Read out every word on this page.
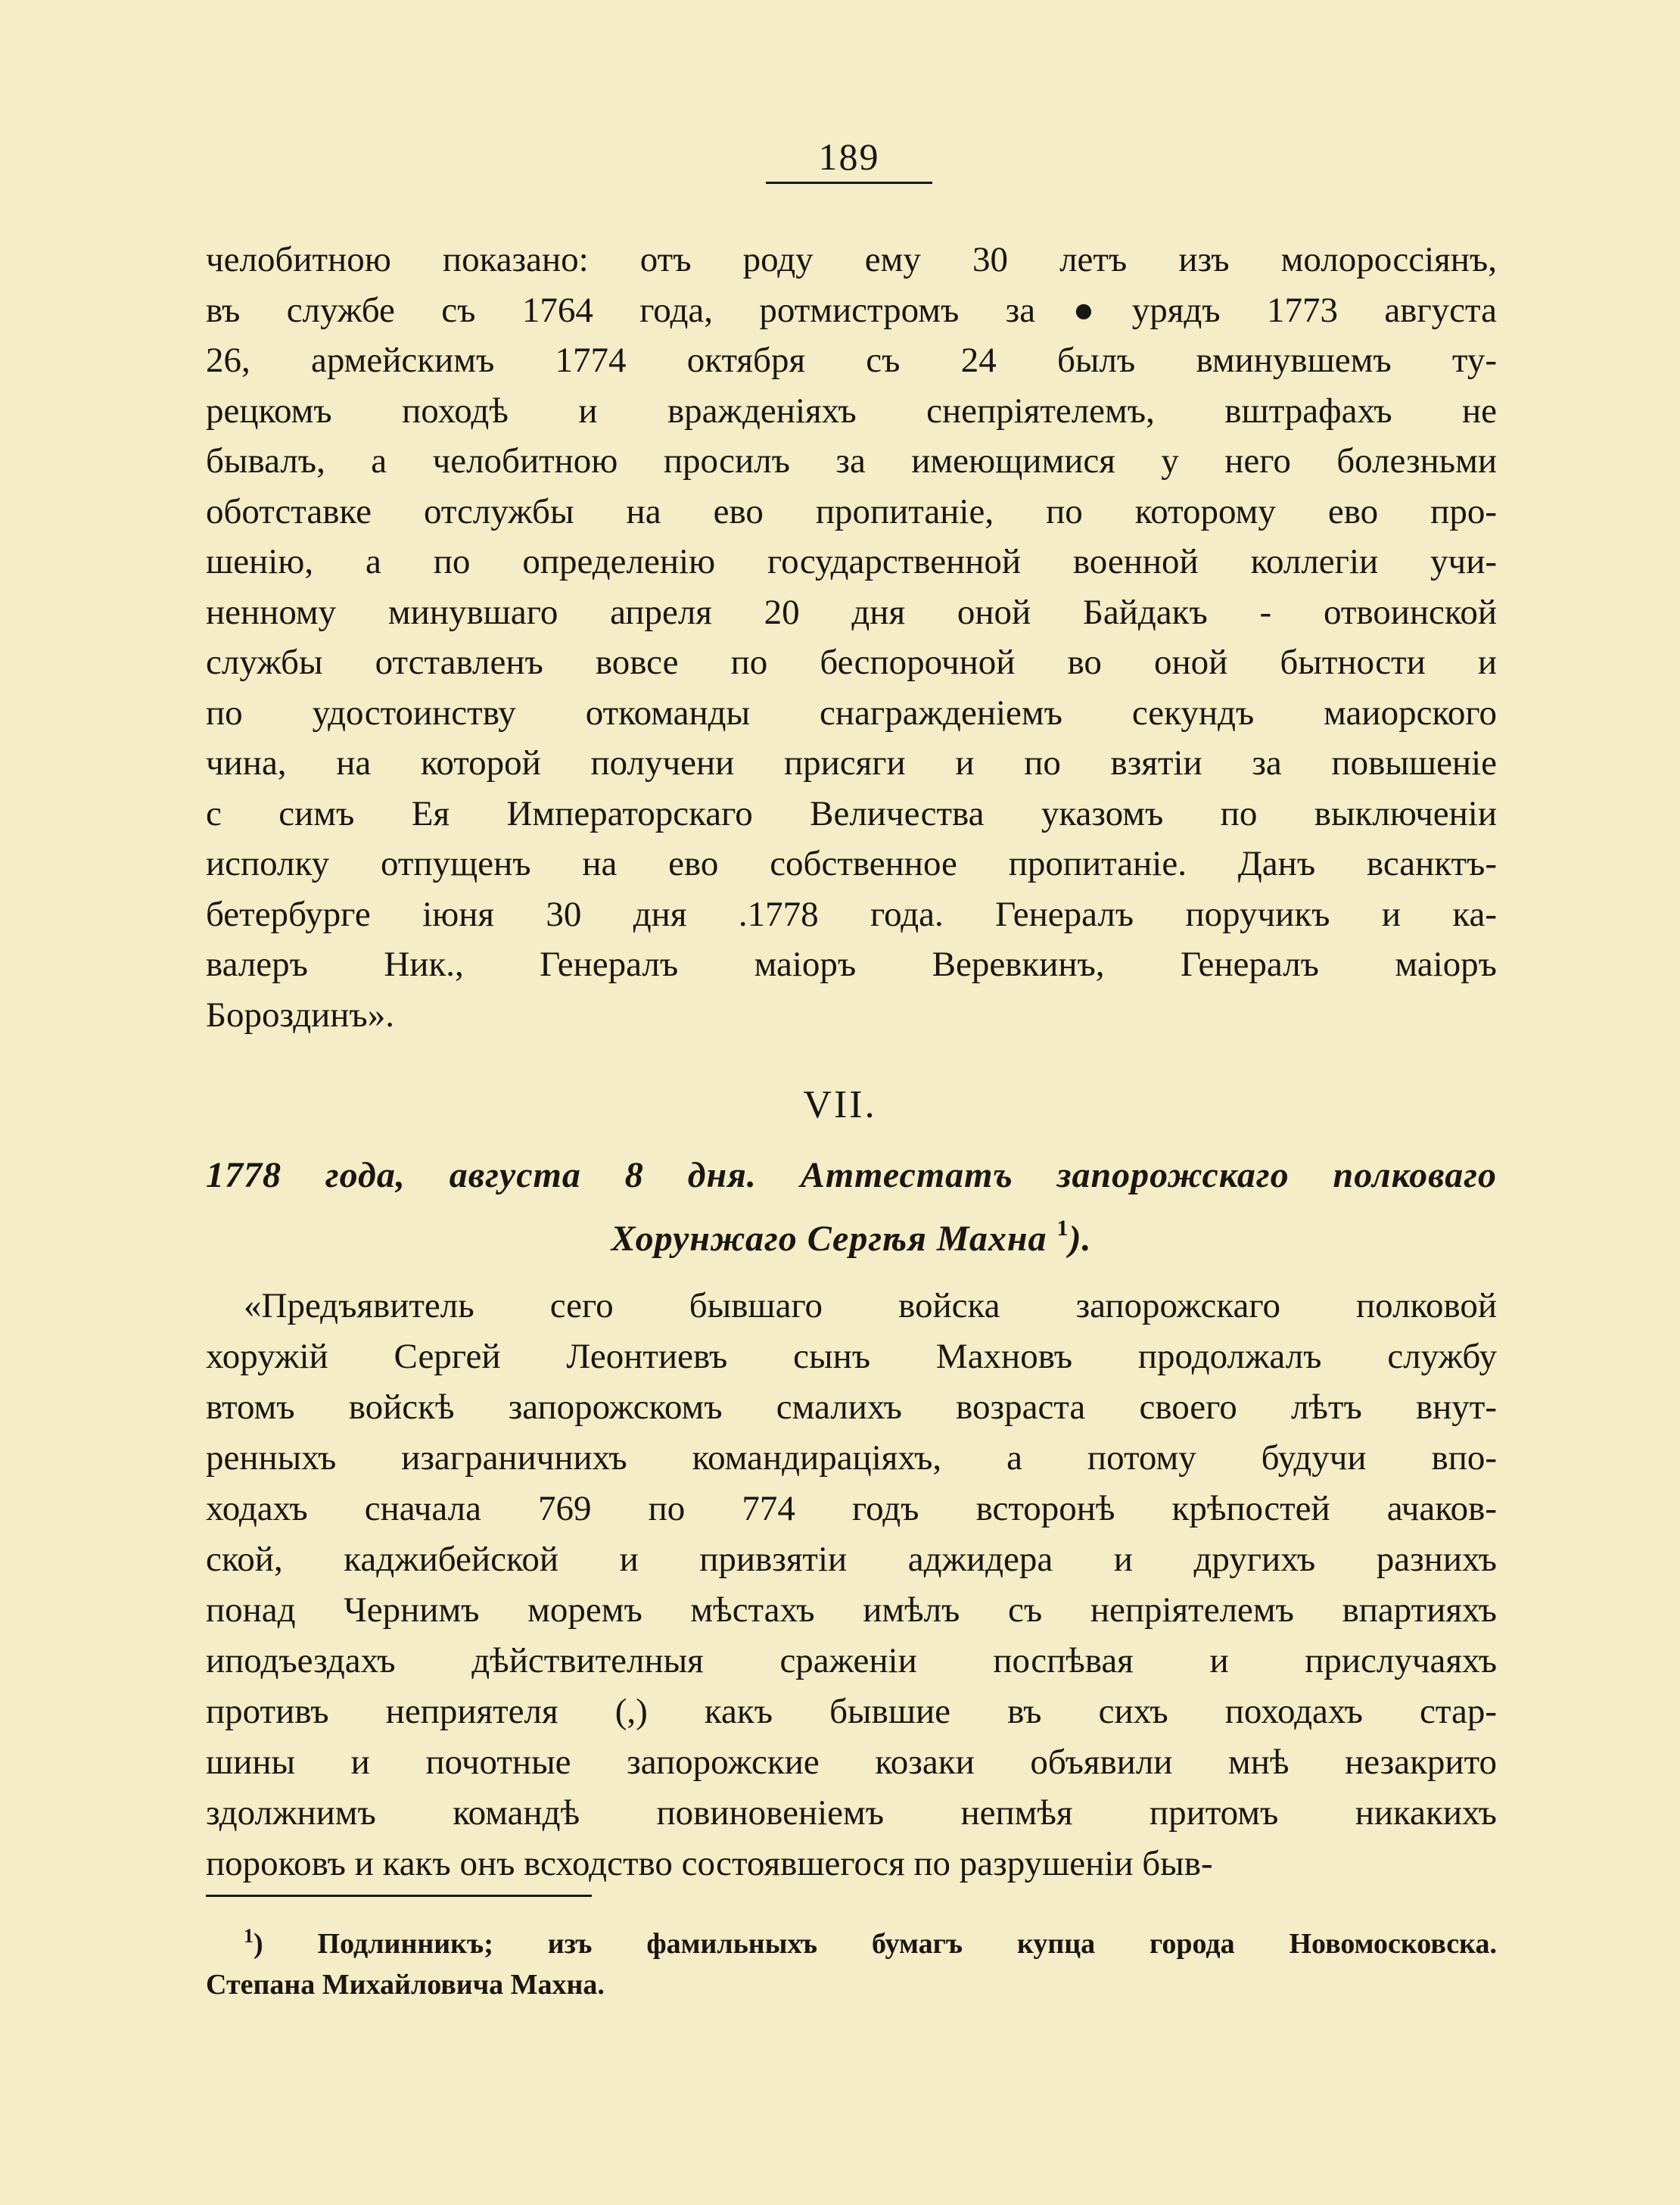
189
челобитною показано: отъ роду ему 30 летъ изъ молороссіянъ,
въ службе съ 1764 года, ротмистромъ за●урядъ 1773 августа
26, армейскимъ 1774 октября съ 24 былъ вминувшемъ ту-
рецкомъ походѣ и вражденіяхъ снепріятелемъ, вштрафахъ не
бывалъ, а челобитною просилъ за имеющимися у него болезньми
оботставке отслужбы на ево пропитаніе, по которому ево про-
шенію, а по определенію государственной военной коллегіи учи-
ненному минувшаго апреля 20 дня оной Байдакъ - отвоинской
службы отставленъ вовсе по беспорочной во оной бытности и
по удостоинству откоманды снагражденіемъ секундъ маиорского
чина, на которой получени присяги и по взятіи за повышеніе
с симъ Ея Императорскаго Величества указомъ по выключеніи
исполку отпущенъ на ево собственное пропитаніе. Данъ всанктъ-
бетербурге іюня 30 дня .1778 года. Генералъ поручикъ и ка-
валеръ Ник., Генералъ маіоръ Веревкинъ, Генералъ маіоръ
Бороздинъ».
VII.
1778 года, августа 8 дня. Аттестатъ запорожскаго полковаго
Хорунжаго Сергѣя Махна $^1$).
«Предъявитель сего бывшаго войска запорожскаго полковой
хоружій Сергей Леонтиевъ сынъ Махновъ продолжалъ службу
втомъ войскѣ запорожскомъ смалихъ возраста своего лѣтъ внут-
ренныхъ изаграничнихъ командираціяхъ, а потому будучи впо-
ходахъ сначала 769 по 774 годъ всторонѣ крѣпостей ачаков-
ской, каджибейской и привзятіи аджидера и другихъ разнихъ
понад Чернимъ моремъ мѣстахъ имѣлъ съ непріятелемъ впартияхъ
иподъездахъ дѣйствителныя сраженіи поспѣвая и прислучаяхъ
противъ неприятеля (,) какъ бывшие въ сихъ походахъ стар-
шины и почотные запорожские козаки объявили мнѣ незакрито
здолжнимъ командѣ повиновеніемъ непмѣя притомъ никакихъ
пороковъ и какъ онъ всходство состоявшегося по разрушеніи быв-
$^1$) Подлинникъ; изъ фамильныхъ бумагъ купца города Новомосковска.
Степана Михайловича Махна.
